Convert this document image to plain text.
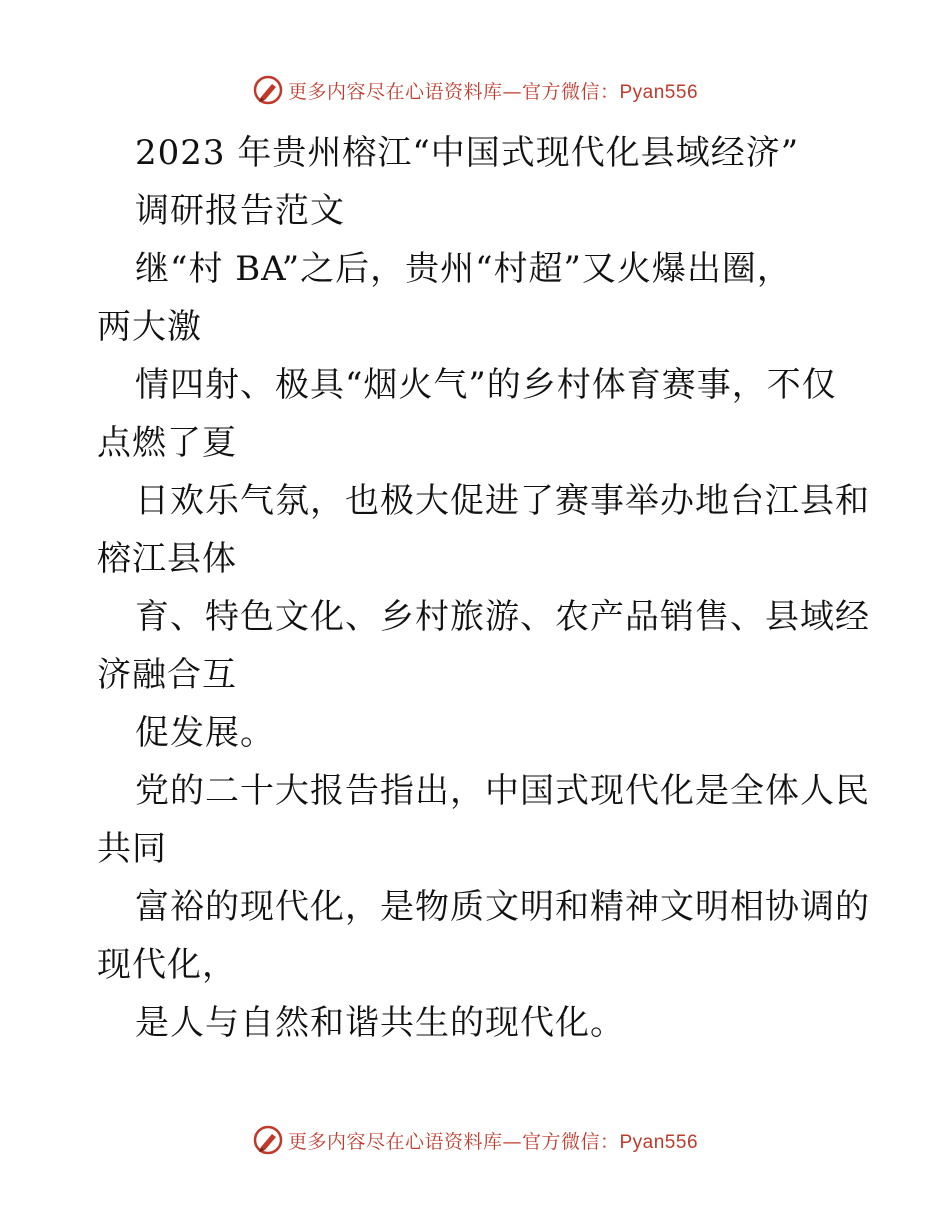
更多内容尽在心语资料库—官方微信：Pyan556
2023 年贵州榕江“中国式现代化县域经济”
调研报告范文
继“村 BA”之后，贵州“村超”又火爆出圈，
两大激
情四射、极具“烟火气”的乡村体育赛事，不仅
点燃了夏
日欢乐气氛，也极大促进了赛事举办地台江县和
榕江县体
育、特色文化、乡村旅游、农产品销售、县域经
济融合互
促发展。
党的二十大报告指出，中国式现代化是全体人民
共同
富裕的现代化，是物质文明和精神文明相协调的
现代化，
是人与自然和谐共生的现代化。
更多内容尽在心语资料库—官方微信：Pyan556
